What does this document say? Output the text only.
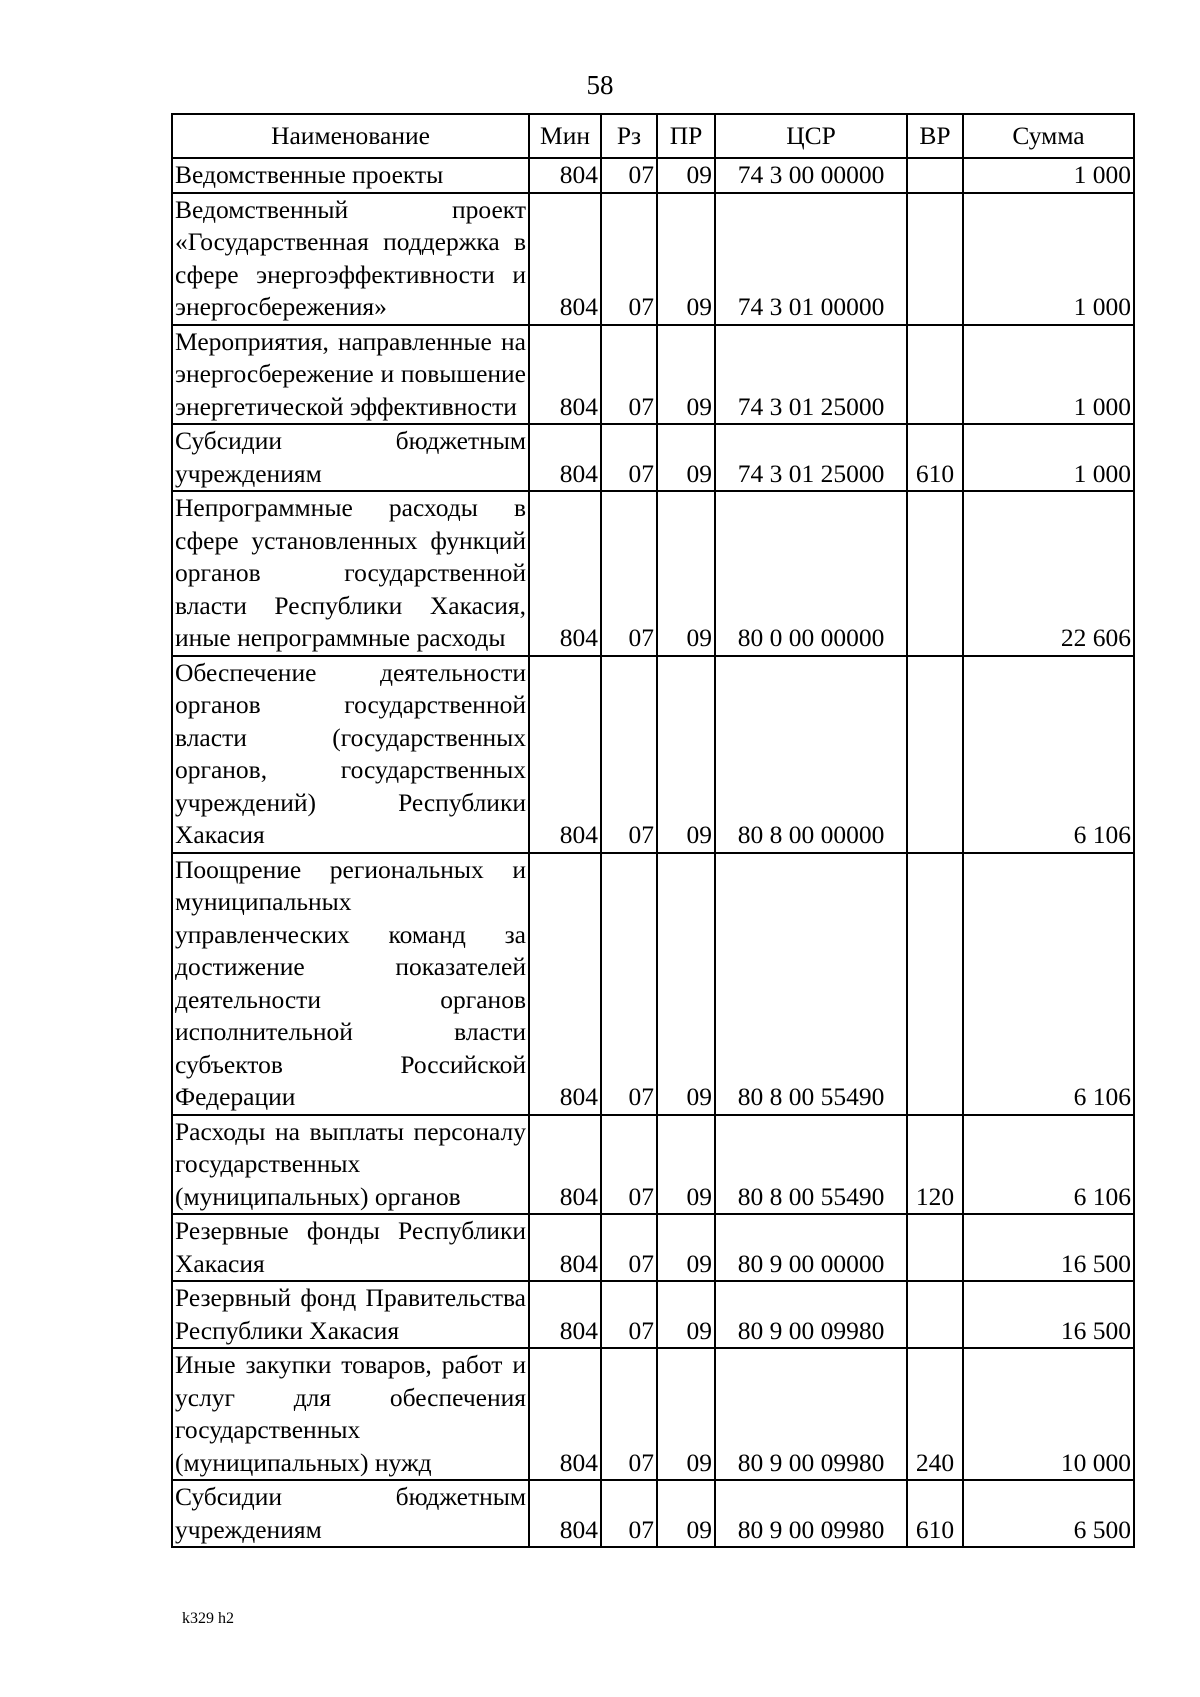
58
Наименование	Мин	Рз	ПР	ЦСР	ВР	Сумма
Ведомственные проекты	804	07	09	74 3 00 00000		1 000
Ведомственный проект «Государственная поддержка в сфере энергоэффективности и энергосбережения»	804	07	09	74 3 01 00000		1 000
Мероприятия, направленные на энергосбережение и повышение энергетической эффективности	804	07	09	74 3 01 25000		1 000
Субсидии бюджетным учреждениям	804	07	09	74 3 01 25000	610	1 000
Непрограммные расходы в сфере установленных функций органов государственной власти Республики Хакасия, иные непрограммные расходы	804	07	09	80 0 00 00000		22 606
Обеспечение деятельности органов государственной власти (государственных органов, государственных учреждений) Республики Хакасия	804	07	09	80 8 00 00000		6 106
Поощрение региональных и муниципальных управленческих команд за достижение показателей деятельности органов исполнительной власти субъектов Российской Федерации	804	07	09	80 8 00 55490		6 106
Расходы на выплаты персоналу государственных (муниципальных) органов	804	07	09	80 8 00 55490	120	6 106
Резервные фонды Республики Хакасия	804	07	09	80 9 00 00000		16 500
Резервный фонд Правительства Республики Хакасия	804	07	09	80 9 00 09980		16 500
Иные закупки товаров, работ и услуг для обеспечения государственных (муниципальных) нужд	804	07	09	80 9 00 09980	240	10 000
Субсидии бюджетным учреждениям	804	07	09	80 9 00 09980	610	6 500
k329 h2
